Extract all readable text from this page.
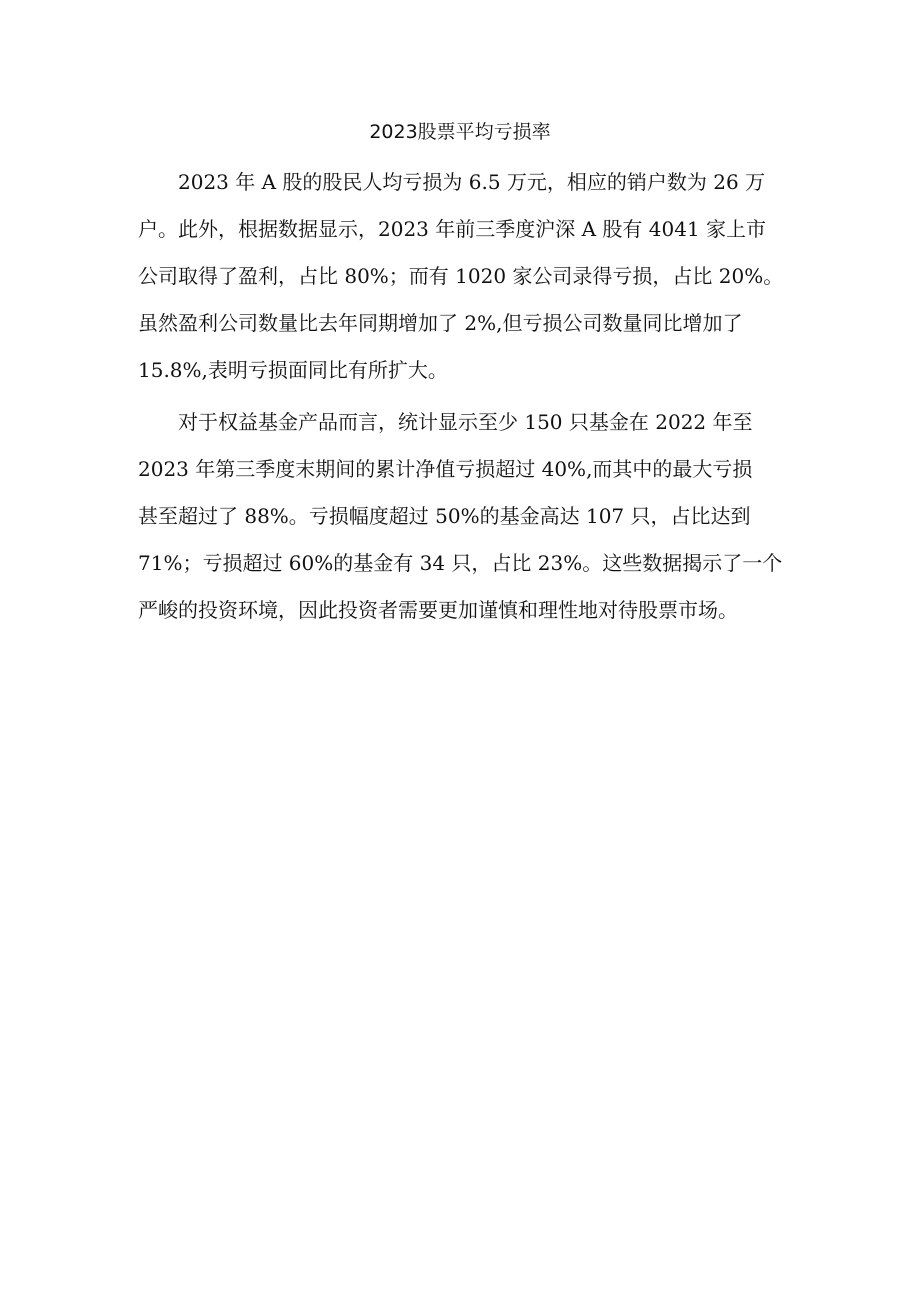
2023股票平均亏损率
2023 年 A 股的股民人均亏损为 6.5 万元，相应的销户数为 26 万
户。此外，根据数据显示，2023 年前三季度沪深 A 股有 4041 家上市
公司取得了盈利，占比 80%；而有 1020 家公司录得亏损，占比 20%。
虽然盈利公司数量比去年同期增加了 2%,但亏损公司数量同比增加了
15.8%,表明亏损面同比有所扩大。
对于权益基金产品而言，统计显示至少 150 只基金在 2022 年至
2023 年第三季度末期间的累计净值亏损超过 40%,而其中的最大亏损
甚至超过了 88%。亏损幅度超过 50%的基金高达 107 只，占比达到
71%；亏损超过 60%的基金有 34 只，占比 23%。这些数据揭示了一个
严峻的投资环境，因此投资者需要更加谨慎和理性地对待股票市场。
